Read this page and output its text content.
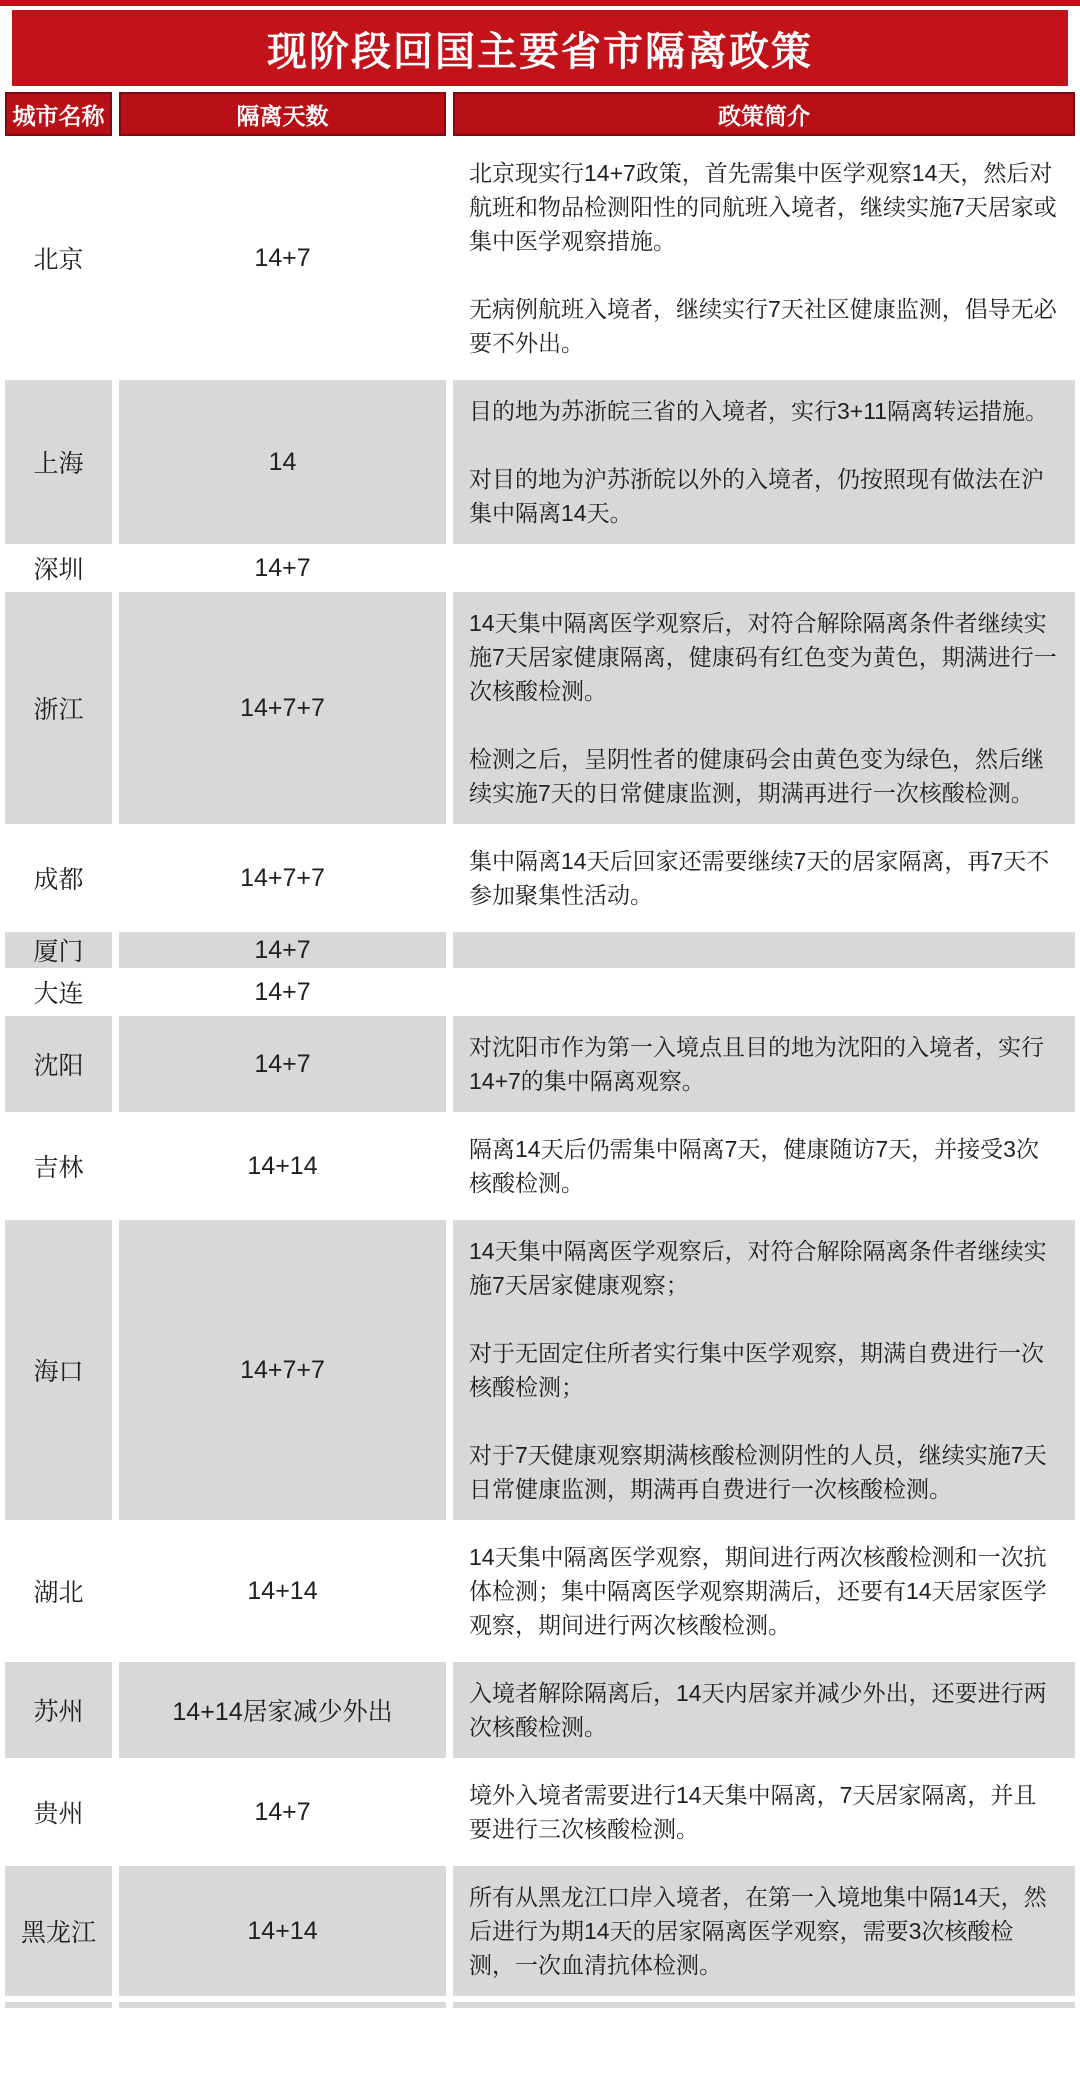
现阶段回国主要省市隔离政策
城市名称	隔离天数	政策简介
北京	14+7
北京现实行14+7政策，首先需集中医学观察14天，然后对航班和物品检测阳性的同航班入境者，继续实施7天居家或集中医学观察措施。
无病例航班入境者，继续实行7天社区健康监测，倡导无必要不外出。
上海	14
目的地为苏浙皖三省的入境者，实行3+11隔离转运措施。
对目的地为沪苏浙皖以外的入境者，仍按照现有做法在沪集中隔离14天。
深圳	14+7
浙江	14+7+7
14天集中隔离医学观察后，对符合解除隔离条件者继续实施7天居家健康隔离，健康码有红色变为黄色，期满进行一次核酸检测。
检测之后，呈阴性者的健康码会由黄色变为绿色，然后继续实施7天的日常健康监测，期满再进行一次核酸检测。
成都	14+7+7
集中隔离14天后回家还需要继续7天的居家隔离，再7天不参加聚集性活动。
厦门	14+7
大连	14+7
沈阳	14+7
对沈阳市作为第一入境点且目的地为沈阳的入境者，实行14+7的集中隔离观察。
吉林	14+14
隔离14天后仍需集中隔离7天，健康随访7天，并接受3次核酸检测。
海口	14+7+7
14天集中隔离医学观察后，对符合解除隔离条件者继续实施7天居家健康观察；
对于无固定住所者实行集中医学观察，期满自费进行一次核酸检测；
对于7天健康观察期满核酸检测阴性的人员，继续实施7天日常健康监测，期满再自费进行一次核酸检测。
湖北	14+14
14天集中隔离医学观察，期间进行两次核酸检测和一次抗体检测；集中隔离医学观察期满后，还要有14天居家医学观察，期间进行两次核酸检测。
苏州	14+14居家减少外出
入境者解除隔离后，14天内居家并减少外出，还要进行两次核酸检测。
贵州	14+7
境外入境者需要进行14天集中隔离，7天居家隔离，并且要进行三次核酸检测。
黑龙江	14+14
所有从黑龙江口岸入境者，在第一入境地集中隔14天，然后进行为期14天的居家隔离医学观察，需要3次核酸检测，一次血清抗体检测。
